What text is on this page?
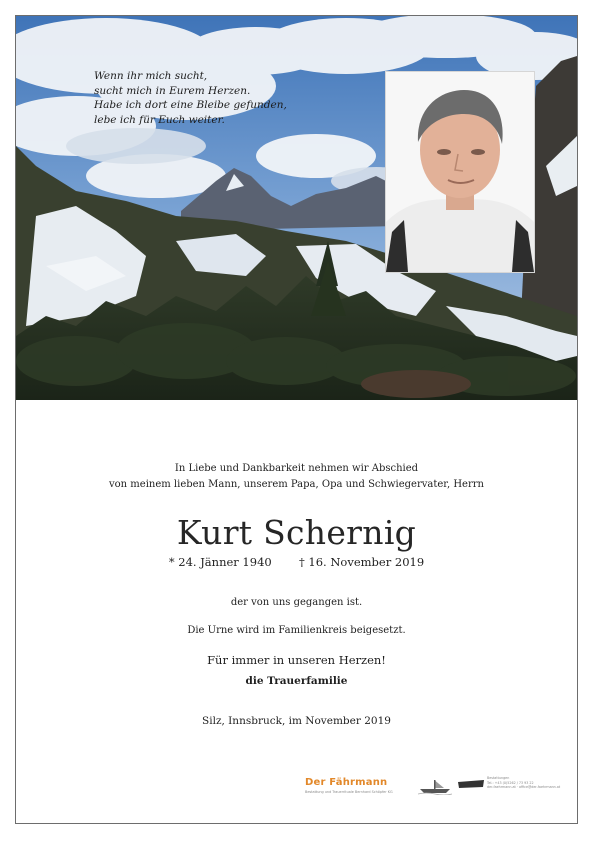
Wenn ihr mich sucht,
sucht mich in Eurem Herzen.
Habe ich dort eine Bleibe gefunden,
lebe ich für Euch weiter.
In Liebe und Dankbarkeit nehmen wir Abschied
von meinem lieben Mann, unserem Papa, Opa und Schwiegervater, Herrn
Kurt Schernig
* 24. Jänner 1940 † 16. November 2019
der von uns gegangen ist.
Die Urne wird im Familienkreis beigesetzt.
Für immer in unseren Herzen!
die Trauerfamilie
Silz, Innsbruck, im November 2019
Der Fährmann
Bestattung und Trauerrituale Bernhard Schöpfer KG
Bestattungen
Tel.: +43 (0)5262 / 73 93 22
der-faehrmann.at · office@der-faehrmann.at
